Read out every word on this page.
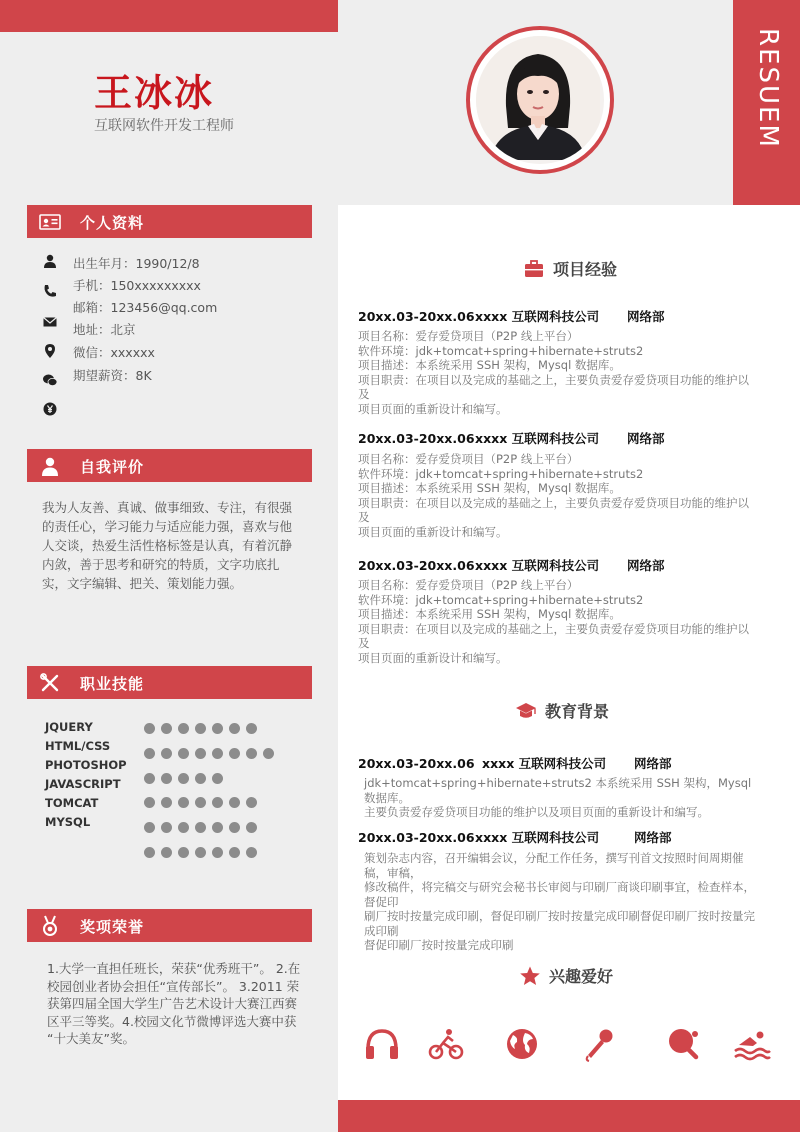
RESUEM
王冰冰
互联网软件开发工程师
个人资料
出生年月：1990/12/8
手机：150xxxxxxxxx
邮箱：123456@qq.com
地址：北京
微信：xxxxxx
期望薪资：8K
自我评价
我为人友善、真诚、做事细致、专注，有很强的责任心，学习能力与适应能力强，喜欢与他人交谈，热爱生活性格标签是认真，有着沉静内敛，善于思考和研究的特质，文字功底扎实，文字编辑、把关、策划能力强。
职业技能
JQUERY
HTML/CSS
PHOTOSHOP
JAVASCRIPT
TOMCAT
MYSQL
奖项荣誉
1.大学一直担任班长，荣获“优秀班干”。 2.在校园创业者协会担任“宣传部长”。 3.2011 荣获第四届全国大学生广告艺术设计大赛江西赛区平三等奖。4.校园文化节微博评选大赛中获 “十大美友”奖。
项目经验
20xx.03-20xx.06xxxx 互联网科技公司 网络部
项目名称：爱存爱贷项目（P2P 线上平台）
软件环境：jdk+tomcat+spring+hibernate+struts2
项目描述：本系统采用 SSH 架构，Mysql 数据库。
项目职责：在项目以及完成的基础之上，主要负责爱存爱贷项目功能的维护以及
项目页面的重新设计和编写。
20xx.03-20xx.06xxxx 互联网科技公司 网络部
项目名称：爱存爱贷项目（P2P 线上平台）
软件环境：jdk+tomcat+spring+hibernate+struts2
项目描述：本系统采用 SSH 架构，Mysql 数据库。
项目职责：在项目以及完成的基础之上，主要负责爱存爱贷项目功能的维护以及
项目页面的重新设计和编写。
20xx.03-20xx.06xxxx 互联网科技公司 网络部
项目名称：爱存爱贷项目（P2P 线上平台）
软件环境：jdk+tomcat+spring+hibernate+struts2
项目描述：本系统采用 SSH 架构，Mysql 数据库。
项目职责：在项目以及完成的基础之上，主要负责爱存爱贷项目功能的维护以及
项目页面的重新设计和编写。
教育背景
20xx.03-20xx.06 xxxx 互联网科技公司 网络部
jdk+tomcat+spring+hibernate+struts2 本系统采用 SSH 架构，Mysql 数据库。
主要负责爱存爱贷项目功能的维护以及项目页面的重新设计和编写。
20xx.03-20xx.06xxxx 互联网科技公司	网络部
策划杂志内容，召开编辑会议，分配工作任务，撰写刊首文按照时间周期催稿，审稿，
修改稿件，将完稿交与研究会秘书长审阅与印刷厂商谈印刷事宜，检查样本，督促印
刷厂按时按量完成印刷，督促印刷厂按时按量完成印刷督促印刷厂按时按量完成印刷
督促印刷厂按时按量完成印刷
兴趣爱好
